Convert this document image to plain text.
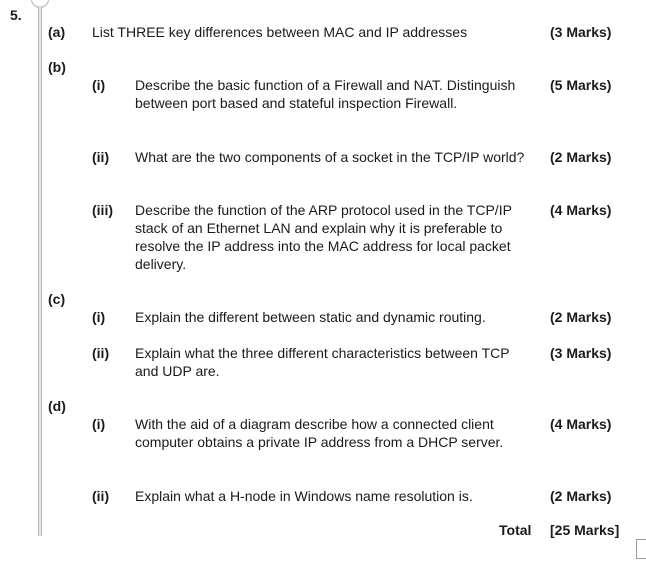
5.
(a) List THREE key differences between MAC and IP addresses	(3 Marks)
(b)
(i) Describe the basic function of a Firewall and NAT. Distinguish between port based and stateful inspection Firewall.
(5 Marks)
(ii) What are the two components of a socket in the TCP/IP world?	(2 Marks)
(iii) Describe the function of the ARP protocol used in the TCP/IP stack of an Ethernet LAN and explain why it is preferable to resolve the IP address into the MAC address for local packet delivery.
(4 Marks)
(c)
(i) Explain the different between static and dynamic routing.	(2 Marks)
(ii) Explain what the three different characteristics between TCP and UDP are.
(3 Marks)
(d)
(i) With the aid of a diagram describe how a connected client computer obtains a private IP address from a DHCP server.
(4 Marks)
(ii) Explain what a H-node in Windows name resolution is.	(2 Marks)
Total [25 Marks]
